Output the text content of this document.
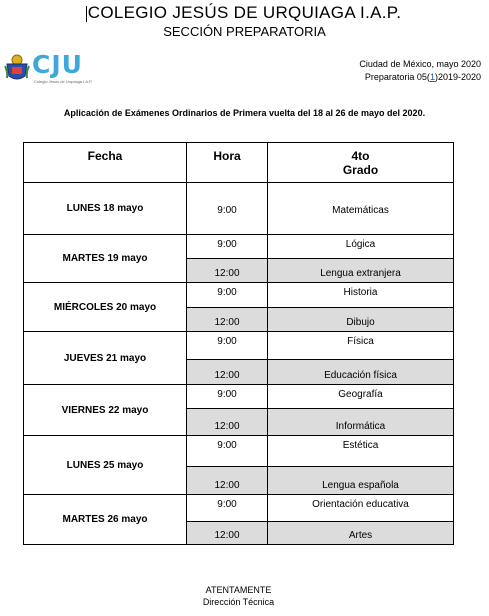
COLEGIO JESÚS DE URQUIAGA I.A.P.
SECCIÓN PREPARATORIA
CJU
Colegio Jesús de Urquiaga I.A.P.
Ciudad de México, mayo 2020
Preparatoria 05(1)2019-2020
Aplicación de Exámenes Ordinarios de Primera vuelta del 18 al 26 de mayo del 2020.
Fecha	Hora	4to
Grado

LUNES 18 mayo	9:00	Matemáticas
MARTES 19 mayo	9:00	Lógica
	12:00	Lengua extranjera
MIÉRCOLES 20 mayo	9:00	Historia
	12:00	Dibujo
JUEVES 21 mayo	9:00	Física
	12:00	Educación física
VIERNES 22 mayo	9:00	Geografía
	12:00	Informática
LUNES 25 mayo	9:00	Estética
	12:00	Lengua española
MARTES 26 mayo	9:00	Orientación educativa
	12:00	Artes
ATENTAMENTE
Dirección Técnica
